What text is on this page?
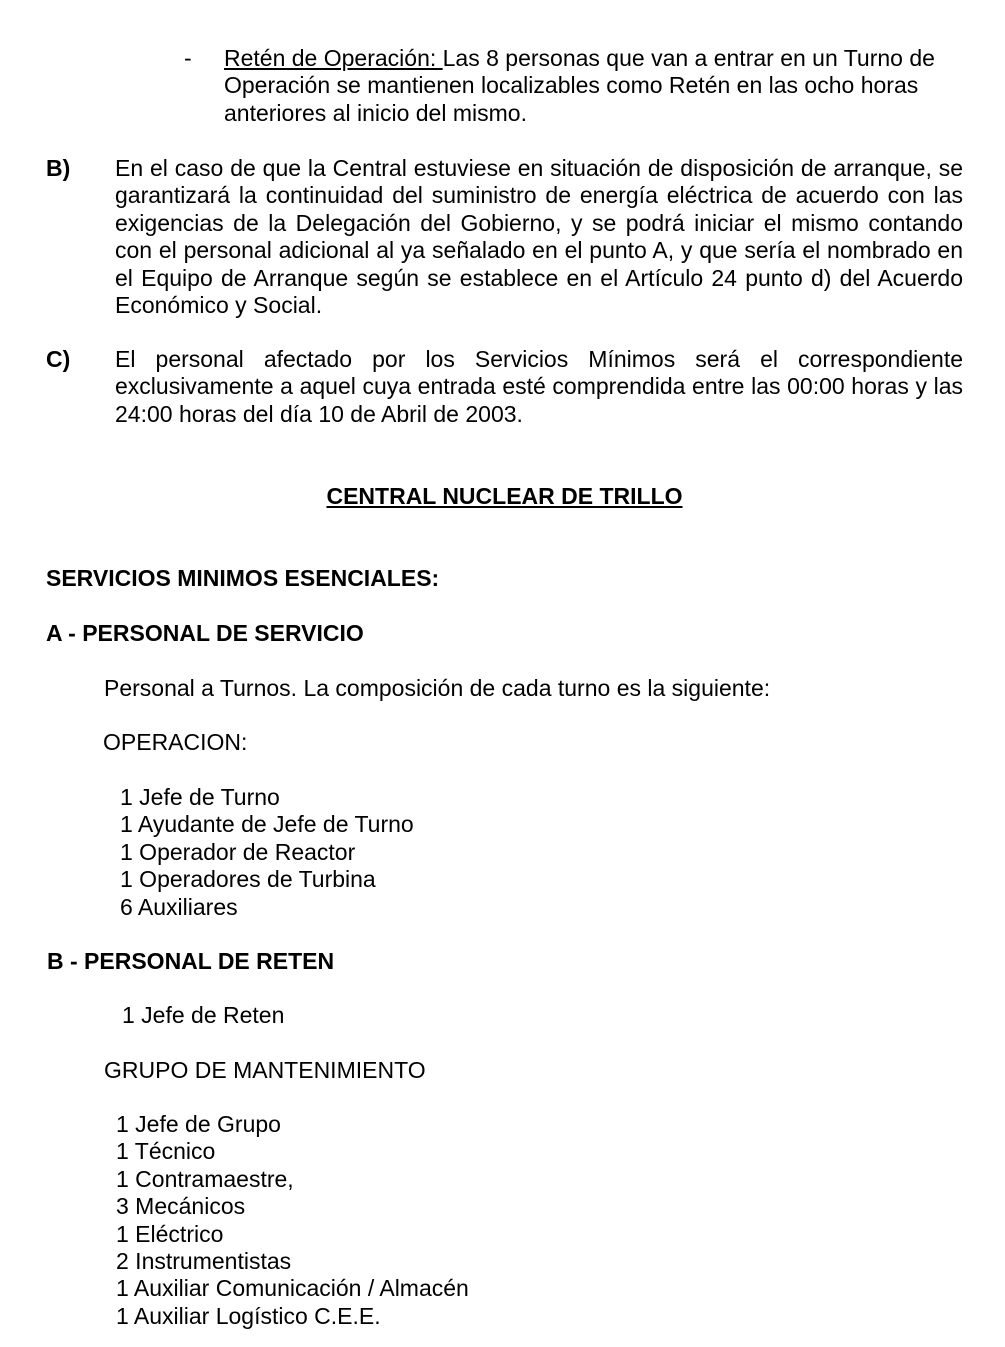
- Retén de Operación: Las 8 personas que van a entrar en un Turno de Operación se mantienen localizables como Retén en las ocho horas anteriores al inicio del mismo.
B) En el caso de que la Central estuviese en situación de disposición de arranque, se garantizará la continuidad del suministro de energía eléctrica de acuerdo con las exigencias de la Delegación del Gobierno, y se podrá iniciar el mismo contando con el personal adicional al ya señalado en el punto A, y que sería el nombrado en el Equipo de Arranque según se establece en el Artículo 24 punto d) del Acuerdo Económico y Social.
C) El personal afectado por los Servicios Mínimos será el correspondiente exclusivamente a aquel cuya entrada esté comprendida entre las 00:00 horas y las 24:00 horas del día 10 de Abril de 2003.
CENTRAL NUCLEAR DE TRILLO
SERVICIOS MINIMOS ESENCIALES:
A - PERSONAL DE SERVICIO
Personal a Turnos. La composición de cada turno es la siguiente:
OPERACION:
1 Jefe de Turno
1 Ayudante de Jefe de Turno
1 Operador de Reactor
1 Operadores de Turbina
6 Auxiliares
B - PERSONAL DE RETEN
1 Jefe de Reten
GRUPO DE MANTENIMIENTO
1 Jefe de Grupo
1 Técnico
1 Contramaestre,
3 Mecánicos
1 Eléctrico
2 Instrumentistas
1 Auxiliar Comunicación / Almacén
1 Auxiliar Logístico C.E.E.
